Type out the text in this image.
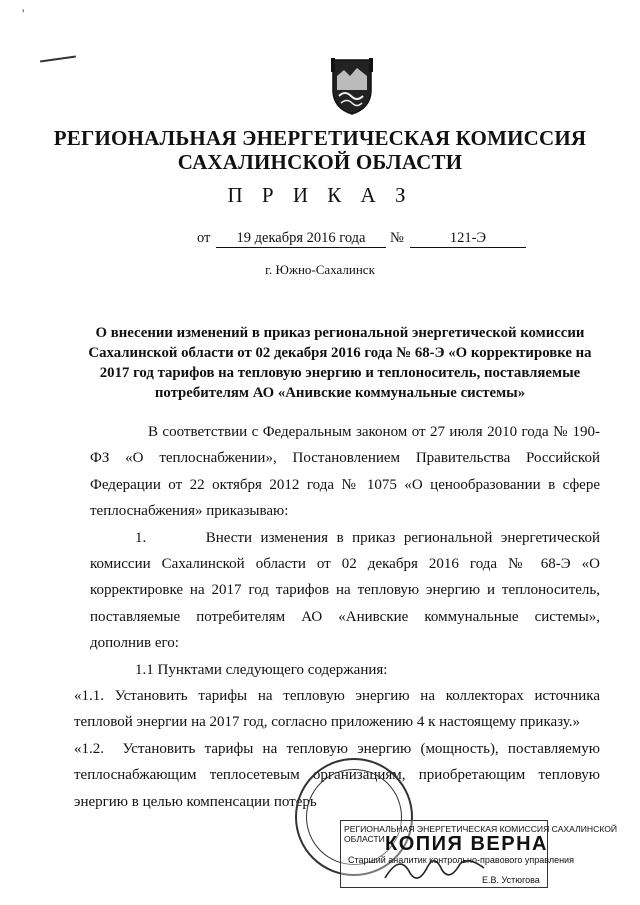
'
РЕГИОНАЛЬНАЯ ЭНЕРГЕТИЧЕСКАЯ КОМИССИЯ
САХАЛИНСКОЙ ОБЛАСТИ
П Р И К А З
от	19 декабря 2016 года	№	121-Э
г. Южно-Сахалинск
О внесении изменений в приказ региональной энергетической комиссии Сахалинской области от 02 декабря 2016 года № 68-Э «О корректировке на 2017 год тарифов на тепловую энергию и теплоноситель, поставляемые потребителям АО «Анивские коммунальные системы»

В соответствии с Федеральным законом от 27 июля 2010 года № 190-ФЗ «О теплоснабжении», Постановлением Правительства Российской Федерации от 22 октября 2012 года № 1075 «О ценообразовании в сфере теплоснабжения» приказываю:

1.       Внести изменения в приказ региональной энергетической комиссии Сахалинской области от 02 декабря 2016 года № 68-Э «О корректировке на 2017 год тарифов на тепловую энергию и теплоноситель, поставляемые потребителям АО «Анивские коммунальные системы», дополнив его:

1.1 Пунктами следующего содержания:

«1.1. Установить тарифы на тепловую энергию на коллекторах источника тепловой энергии на 2017 год, согласно приложению 4 к настоящему приказу.»

«1.2.  Установить тарифы на тепловую энергию (мощность), поставляемую теплоснабжающим теплосетевым организациям, приобретающим тепловую энергию в целью компенсации потерь

РЕГИОНАЛЬНАЯ ЭНЕРГЕТИЧЕСКАЯ КОМИССИЯ САХАЛИНСКОЙ ОБЛАСТИ КОПИЯ ВЕРНА
Старший аналитик контрольно-правового управления
Е.В. Устюгова
